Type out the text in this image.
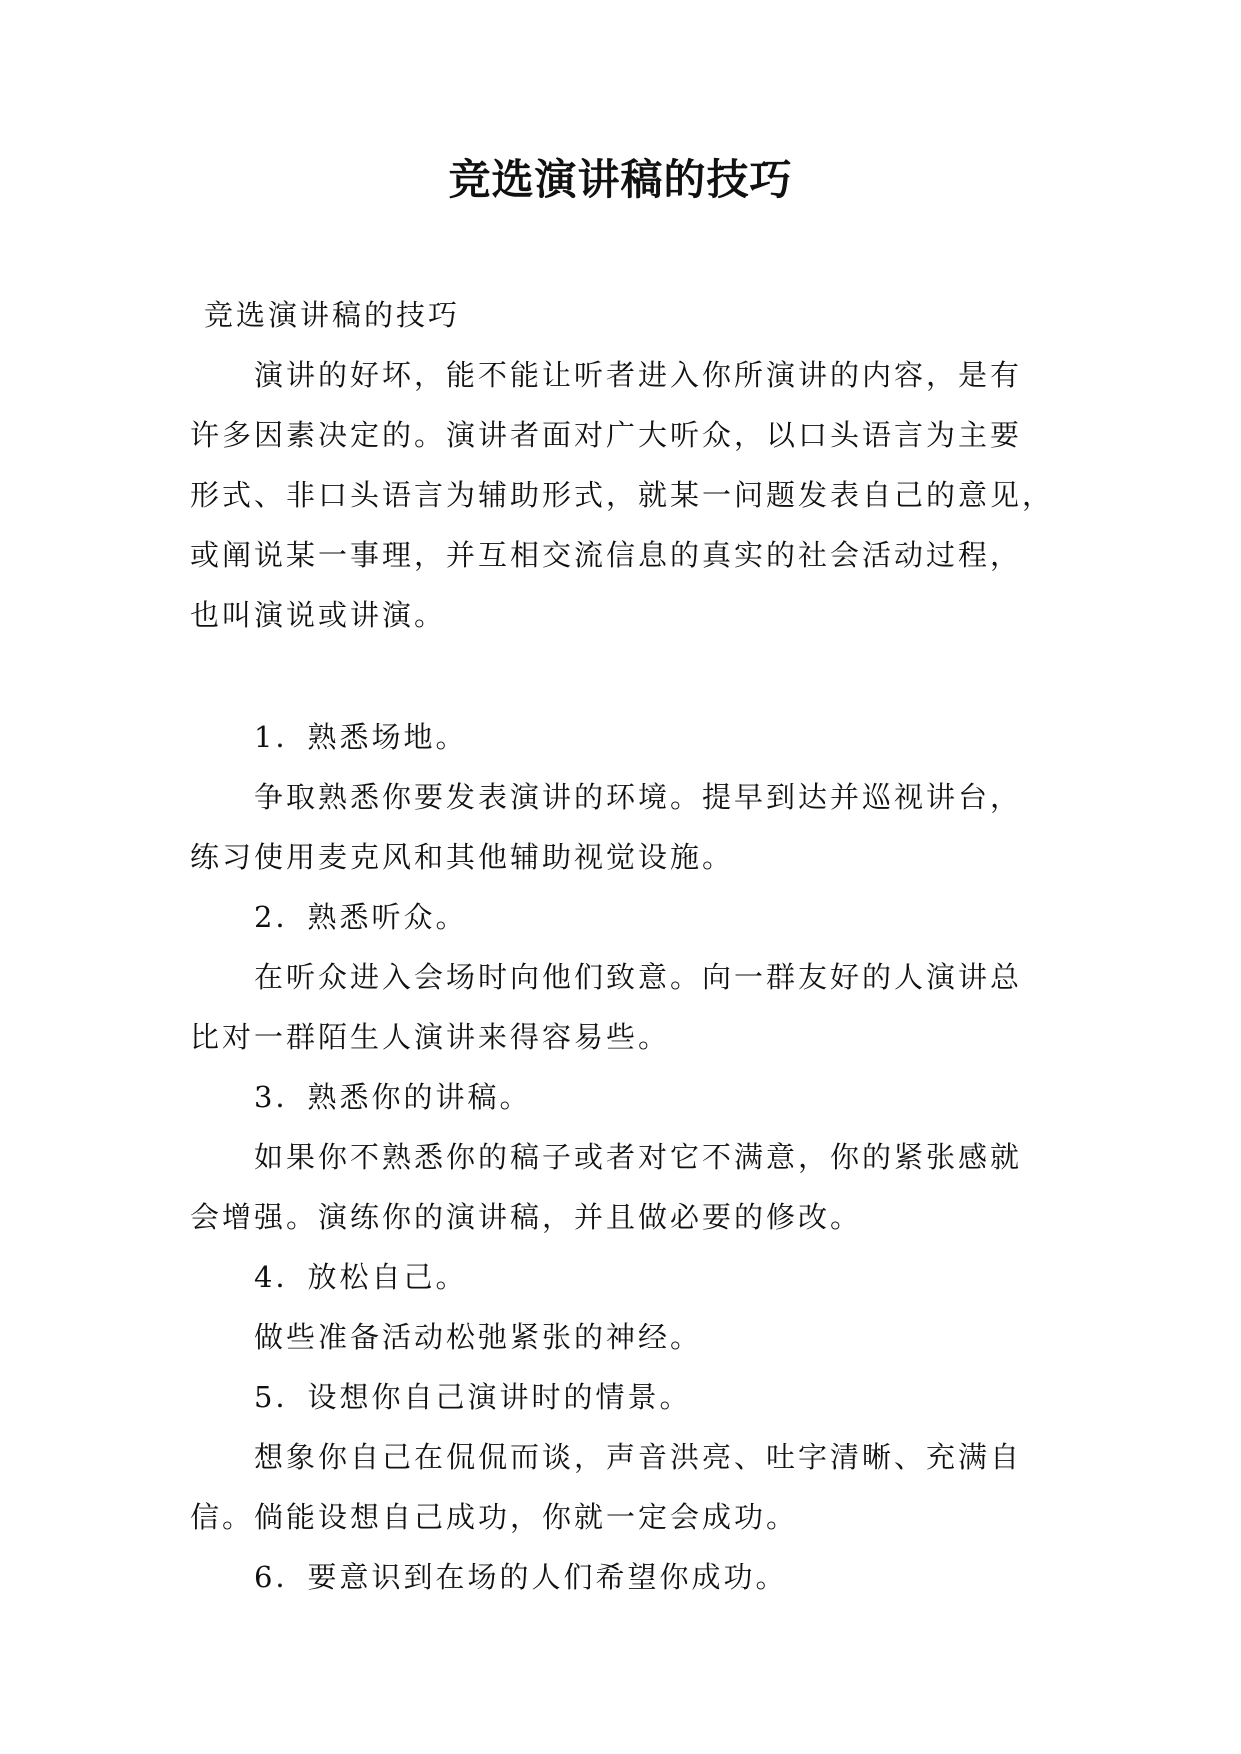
竞选演讲稿的技巧

竞选演讲稿的技巧

　　演讲的好坏，能不能让听者进入你所演讲的内容，是有

许多因素决定的。演讲者面对广大听众，以口头语言为主要

形式、非口头语言为辅助形式，就某一问题发表自己的意见，

或阐说某一事理，并互相交流信息的真实的社会活动过程，

也叫演说或讲演。

　　1．熟悉场地。

　　争取熟悉你要发表演讲的环境。提早到达并巡视讲台，

练习使用麦克风和其他辅助视觉设施。

　　2．熟悉听众。

　　在听众进入会场时向他们致意。向一群友好的人演讲总

比对一群陌生人演讲来得容易些。

　　3．熟悉你的讲稿。

　　如果你不熟悉你的稿子或者对它不满意，你的紧张感就

会增强。演练你的演讲稿，并且做必要的修改。

　　4．放松自己。

　　做些准备活动松弛紧张的神经。

　　5．设想你自己演讲时的情景。

　　想象你自己在侃侃而谈，声音洪亮、吐字清晰、充满自

信。倘能设想自己成功，你就一定会成功。

　　6．要意识到在场的人们希望你成功。
